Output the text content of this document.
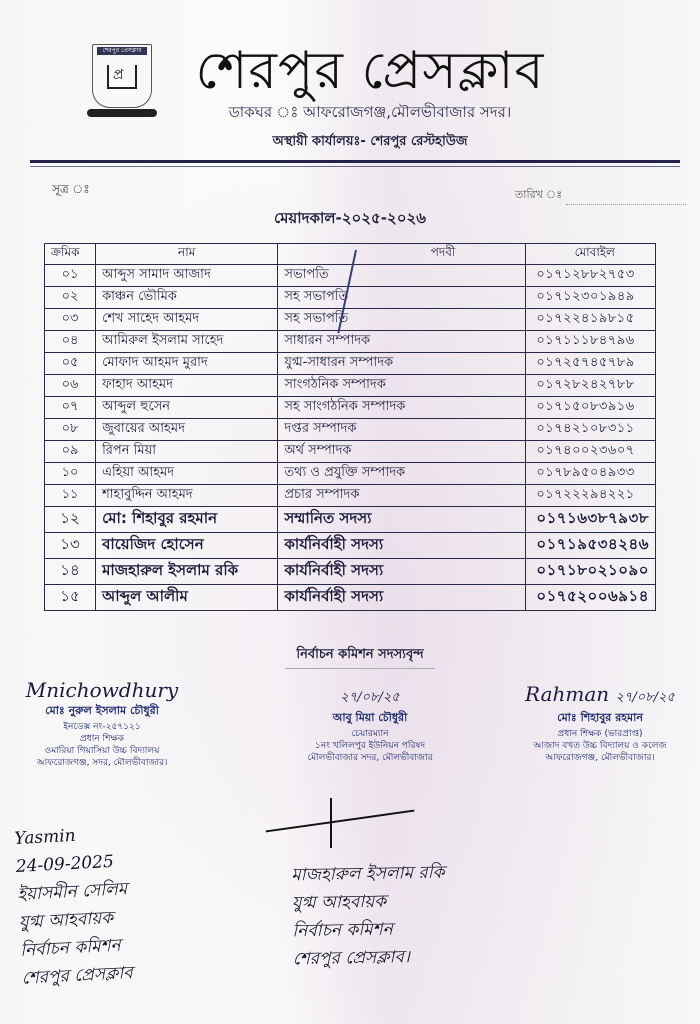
শেরপুর প্রেসক্লাব
প্র	শেরপুর প্রেসক্লাব
ডাকঘর ঃ আফরোজগঞ্জ,মৌলভীবাজার সদর।
অস্থায়ী কার্যালয়ঃ- শেরপুর রেস্টহাউজ
সূত্র ঃ	তারিখ ঃ
মেয়াদকাল-২০২৫-২০২৬
ক্রমিক	নাম	পদবী	মোবাইল
০১	আব্দুস সামাদ আজাদ	সভাপতি	০১৭১২৮৮২৭৫৩
০২	কাঞ্চন ভৌমিক	সহ সভাপতি	০১৭১২৩০১৯৪৯
০৩	শেখ সাহেদ আহমদ	সহ সভাপতি	০১৭২২৪১৯৮১৫
০৪	আমিরুল ইসলাম সাহেদ	সাধারন সম্পাদক	০১৭১১১৮৪৭৯৬
০৫	মোফাদ আহমদ মুরাদ	যুগ্ম-সাধারন সম্পাদক	০১৭২৫৭৪৫৭৮৯
০৬	ফাহাদ আহমদ	সাংগঠনিক সম্পাদক	০১৭২৮২৪২৭৮৮
০৭	আব্দুল হুসেন	সহ সাংগঠনিক সম্পাদক	০১৭১৫০৮৩৯১৬
০৮	জুবায়ের আহমদ	দপ্তর সম্পাদক	০১৭৪২১০৮৩১১
০৯	রিপন মিয়া	অর্থ সম্পাদক	০১৭৪০০২৩৬০৭
১০	এহিয়া আহমদ	তথ্য ও প্রযুক্তি সম্পাদক	০১৭৮৯৫০৪৯৩৩
১১	শাহাবুদ্দিন আহমদ	প্রচার সম্পাদক	০১৭২২২৯৪২২১
১২	মো: শিহাবুর রহমান	সম্মানিত সদস্য	০১৭১৬৩৮৭৯৩৮
১৩	বায়েজিদ হোসেন	কার্যনির্বাহী সদস্য	০১৭১৯৫৩৪২৪৬
১৪	মাজহারুল ইসলাম রকি	কার্যনির্বাহী সদস্য	০১৭১৮০২১০৯০
১৫	আব্দুল আলীম	কার্যনির্বাহী সদস্য	০১৭৫২০০৬৯১৪
নির্বাচন কমিশন সদস্যবৃন্দ
Mnichowdhury
মোঃ নুরুল ইসলাম চৌধুরী
ইনডেক্স নং-২৫৭১২১
প্রধান শিক্ষক
ওমারিয়া গিয়াসিয়া উচ্চ বিদ্যালয়
আফরোজগঞ্জ, সদর, মৌলভীবাজার।
২৭/০৮/২৫
আবু মিয়া চৌধুরী
চেয়ারম্যান
১নং খলিলপুর ইউনিয়ন পরিষদ
মৌলভীবাজার সদর, মৌলভীবাজার
Rahman ২৭/০৮/২৫
মোঃ শিহাবুর রহমান
প্রধান শিক্ষক (ভারপ্রাপ্ত)
আজাদ বখত উচ্চ বিদ্যালয় ও কলেজ
আফরোজগঞ্জ, মৌলভীবাজার।
Yasmin
24-09-2025
ইয়াসমীন সেলিম
যুগ্ম আহবায়ক
নির্বাচন কমিশন
শেরপুর প্রেসক্লাব
মাজহারুল ইসলাম রকি
যুগ্ম আহবায়ক
নির্বাচন কমিশন
শেরপুর প্রেসক্লাব।
